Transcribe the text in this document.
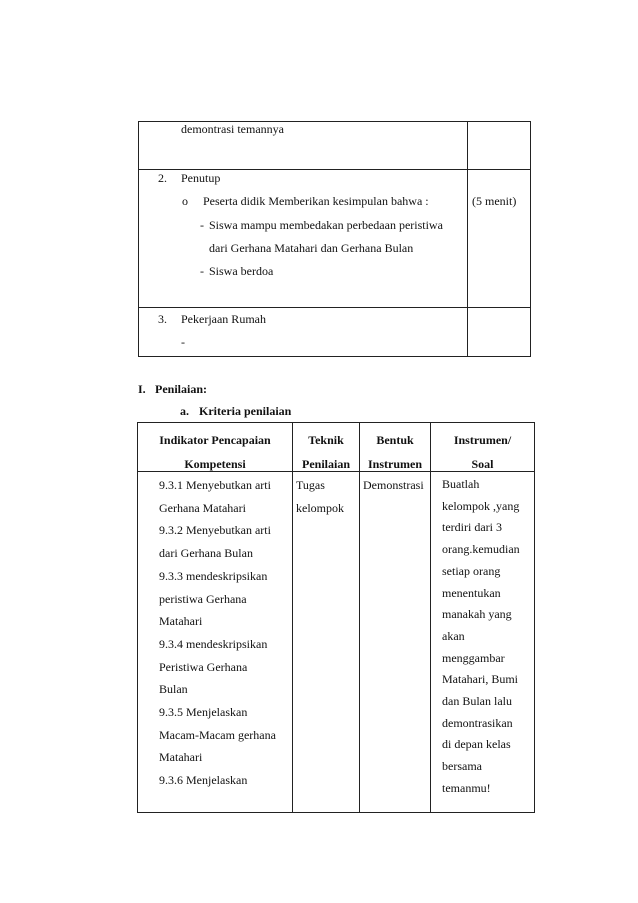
demontrasi temannya
2. Penutup
o Peserta didik Memberikan kesimpulan bahwa :
- Siswa mampu membedakan perbedaan peristiwa
dari Gerhana Matahari dan Gerhana Bulan
- Siswa berdoa
(5 menit)
3. Pekerjaan Rumah
-
I. Penilaian:
a. Kriteria penilaian
Indikator Pencapaian
Kompetensi
Teknik
Penilaian
Bentuk
Instrumen
Instrumen/
Soal
9.3.1 Menyebutkan arti
Gerhana Matahari
9.3.2 Menyebutkan arti
dari Gerhana Bulan
9.3.3 mendeskripsikan
peristiwa Gerhana
Matahari
9.3.4 mendeskripsikan
Peristiwa Gerhana
Bulan
9.3.5 Menjelaskan
Macam-Macam gerhana
Matahari
9.3.6 Menjelaskan
Tugas
kelompok
Demonstrasi Buatlah
kelompok ,yang
terdiri dari 3
orang.kemudian
setiap orang
menentukan
manakah yang
akan
menggambar
Matahari, Bumi
dan Bulan lalu
demontrasikan
di depan kelas
bersama
temanmu!
